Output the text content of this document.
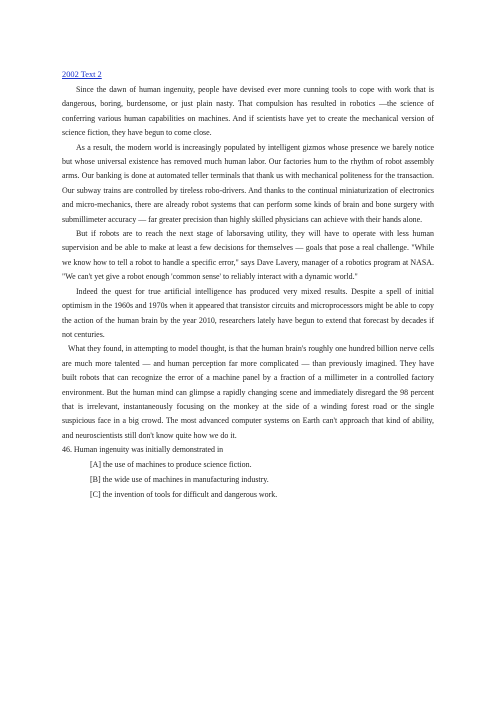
2002 Text 2

Since the dawn of human ingenuity, people have devised ever more cunning tools to cope with work that is dangerous, boring, burdensome, or just plain nasty. That compulsion has resulted in robotics —the science of conferring various human capabilities on machines. And if scientists have yet to create the mechanical version of science fiction, they have begun to come close.

As a result, the modern world is increasingly populated by intelligent gizmos whose presence we barely notice but whose universal existence has removed much human labor. Our factories hum to the rhythm of robot assembly arms. Our banking is done at automated teller terminals that thank us with mechanical politeness for the transaction. Our subway trains are controlled by tireless robo-drivers. And thanks to the continual miniaturization of electronics and micro-mechanics, there are already robot systems that can perform some kinds of brain and bone surgery with submillimeter accuracy — far greater precision than highly skilled physicians can achieve with their hands alone.

But if robots are to reach the next stage of laborsaving utility, they will have to operate with less human supervision and be able to make at least a few decisions for themselves — goals that pose a real challenge. "While we know how to tell a robot to handle a specific error," says Dave Lavery, manager of a robotics program at NASA. "We can't yet give a robot enough 'common sense' to reliably interact with a dynamic world."

Indeed the quest for true artificial intelligence has produced very mixed results. Despite a spell of initial optimism in the 1960s and 1970s when it appeared that transistor circuits and microprocessors might be able to copy the action of the human brain by the year 2010, researchers lately have begun to extend that forecast by decades if not centuries.

What they found, in attempting to model thought, is that the human brain's roughly one hundred billion nerve cells are much more talented — and human perception far more complicated — than previously imagined. They have built robots that can recognize the error of a machine panel by a fraction of a millimeter in a controlled factory environment. But the human mind can glimpse a rapidly changing scene and immediately disregard the 98 percent that is irrelevant, instantaneously focusing on the monkey at the side of a winding forest road or the single suspicious face in a big crowd. The most advanced computer systems on Earth can't approach that kind of ability, and neuroscientists still don't know quite how we do it.

46. Human ingenuity was initially demonstrated in

[A] the use of machines to produce science fiction.
[B] the wide use of machines in manufacturing industry.
[C] the invention of tools for difficult and dangerous work.
